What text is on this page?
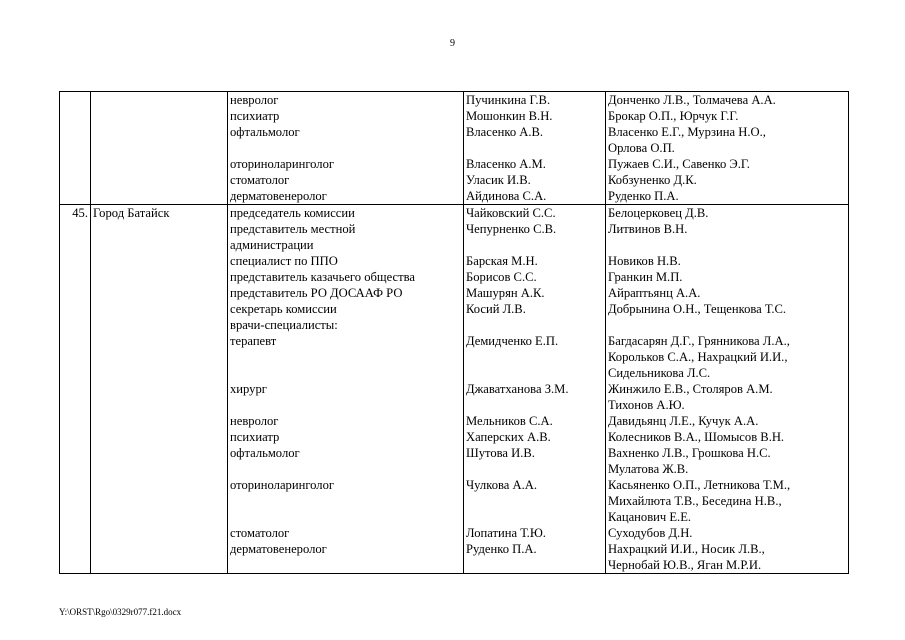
9
		невролог	Пучинкина Г.В.	Донченко Л.В., Толмачева А.А.
		психиатр	Мошонкин В.Н.	Брокар О.П., Юрчук Г.Г.
		офтальмолог	Власенко А.В.	Власенко Е.Г., Мурзина Н.О.,
				Орлова О.П.
		оториноларинголог	Власенко А.М.	Пужаев С.И., Савенко Э.Г.
		стоматолог	Уласик И.В.	Кобзуненко Д.К.
		дерматовенеролог	Айдинова С.А.	Руденко П.А.
45.	Город Батайск	председатель комиссии	Чайковский С.С.	Белоцерковец Д.В.
		представитель местной	Чепурненко С.В.	Литвинов В.Н.
		администрации		
		специалист по ППО	Барская М.Н.	Новиков Н.В.
		представитель казачьего общества	Борисов С.С.	Гранкин М.П.
		представитель РО ДОСААФ РО	Машурян А.К.	Айраптьянц А.А.
		секретарь комиссии	Косий Л.В.	Добрынина О.Н., Тещенкова Т.С.
		врачи-специалисты:		
		терапевт	Демидченко Е.П.	Багдасарян Д.Г., Грянникова Л.А.,
				Корольков С.А., Нахрацкий И.И.,
				Сидельникова Л.С.
		хирург	Джаватханова З.М.	Жинжило Е.В., Столяров А.М.
				Тихонов А.Ю.
		невролог	Мельников С.А.	Давидьянц Л.Е., Кучук А.А.
		психиатр	Хаперских А.В.	Колесников В.А., Шомысов В.Н.
		офтальмолог	Шутова И.В.	Вахненко Л.В., Грошкова Н.С.
				Мулатова Ж.В.
		оториноларинголог	Чулкова А.А.	Касьяненко О.П., Летникова Т.М.,
				Михайлюта Т.В., Беседина Н.В.,
				Кацанович Е.Е.
		стоматолог	Лопатина Т.Ю.	Суходубов Д.Н.
		дерматовенеролог	Руденко П.А.	Нахрацкий И.И., Носик Л.В.,
				Чернобай Ю.В., Яган М.Р.И.
Y:\ORST\Rgo\0329r077.f21.docx
